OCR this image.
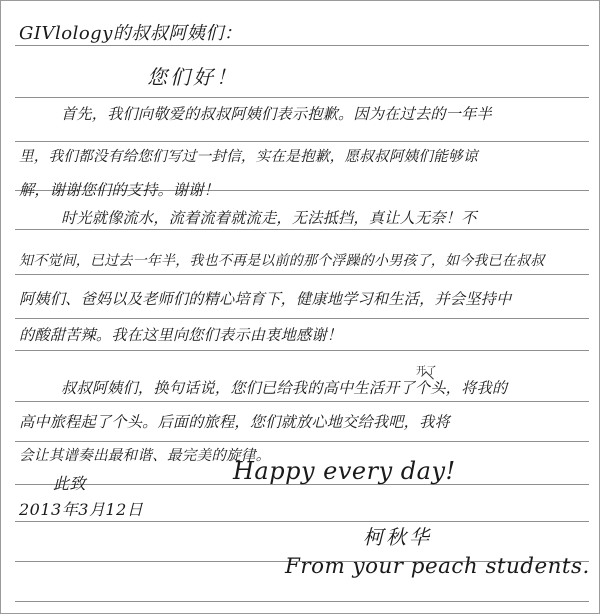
GIVlology的叔叔阿姨们：
您们好！
首先，我们向敬爱的叔叔阿姨们表示抱歉。因为在过去的一年半
里，我们都没有给您们写过一封信，实在是抱歉，愿叔叔阿姨们能够谅
解，谢谢您们的支持。谢谢！
时光就像流水，流着流着就流走，无法抵挡，真让人无奈！不
知不觉间，已过去一年半，我也不再是以前的那个浮躁的小男孩了，如今我已在叔叔
阿姨们、爸妈以及老师们的精心培育下，健康地学习和生活，并会坚持中
的酸甜苦辣。我在这里向您们表示由衷地感谢！
开了
叔叔阿姨们，换句话说，您们已给我的高中生活开了个头，将我的
高中旅程起了个头。后面的旅程，您们就放心地交给我吧，我将
会让其谱奏出最和谐、最完美的旋律。
此致	Happy every day!
2013年3月12日
柯秋华
From your peach students.
